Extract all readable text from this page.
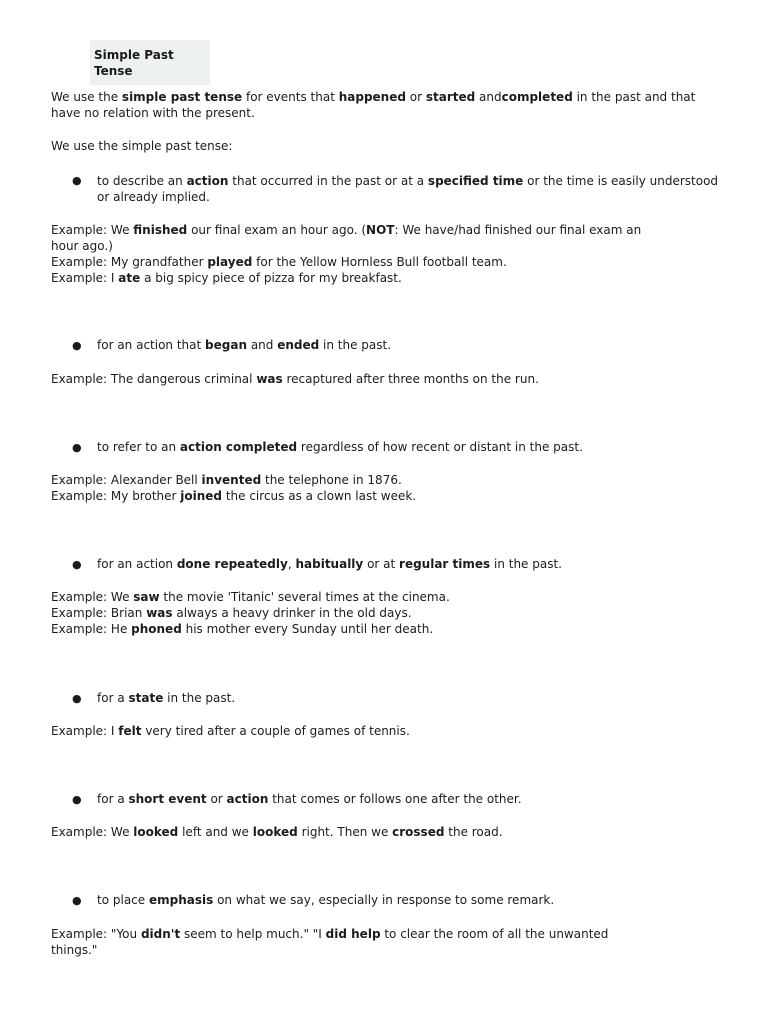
Simple Past Tense

We use the simple past tense for events that happened or started andcompleted in the past and that have no relation with the present.

We use the simple past tense:

● to describe an action that occurred in the past or at a specified time or the time is easily understood or already implied.

Example: We finished our final exam an hour ago. (NOT: We have/had finished our final exam an hour ago.)

Example: My grandfather played for the Yellow Hornless Bull football team.

Example: I ate a big spicy piece of pizza for my breakfast.

● for an action that began and ended in the past.

Example: The dangerous criminal was recaptured after three months on the run.

● to refer to an action completed regardless of how recent or distant in the past.

Example: Alexander Bell invented the telephone in 1876.

Example: My brother joined the circus as a clown last week.

● for an action done repeatedly, habitually or at regular times in the past.

Example: We saw the movie 'Titanic' several times at the cinema.

Example: Brian was always a heavy drinker in the old days.

Example: He phoned his mother every Sunday until her death.

● for a state in the past.

Example: I felt very tired after a couple of games of tennis.

● for a short event or action that comes or follows one after the other.

Example: We looked left and we looked right. Then we crossed the road.

● to place emphasis on what we say, especially in response to some remark.

Example: "You didn't seem to help much." "I did help to clear the room of all the unwanted things."
